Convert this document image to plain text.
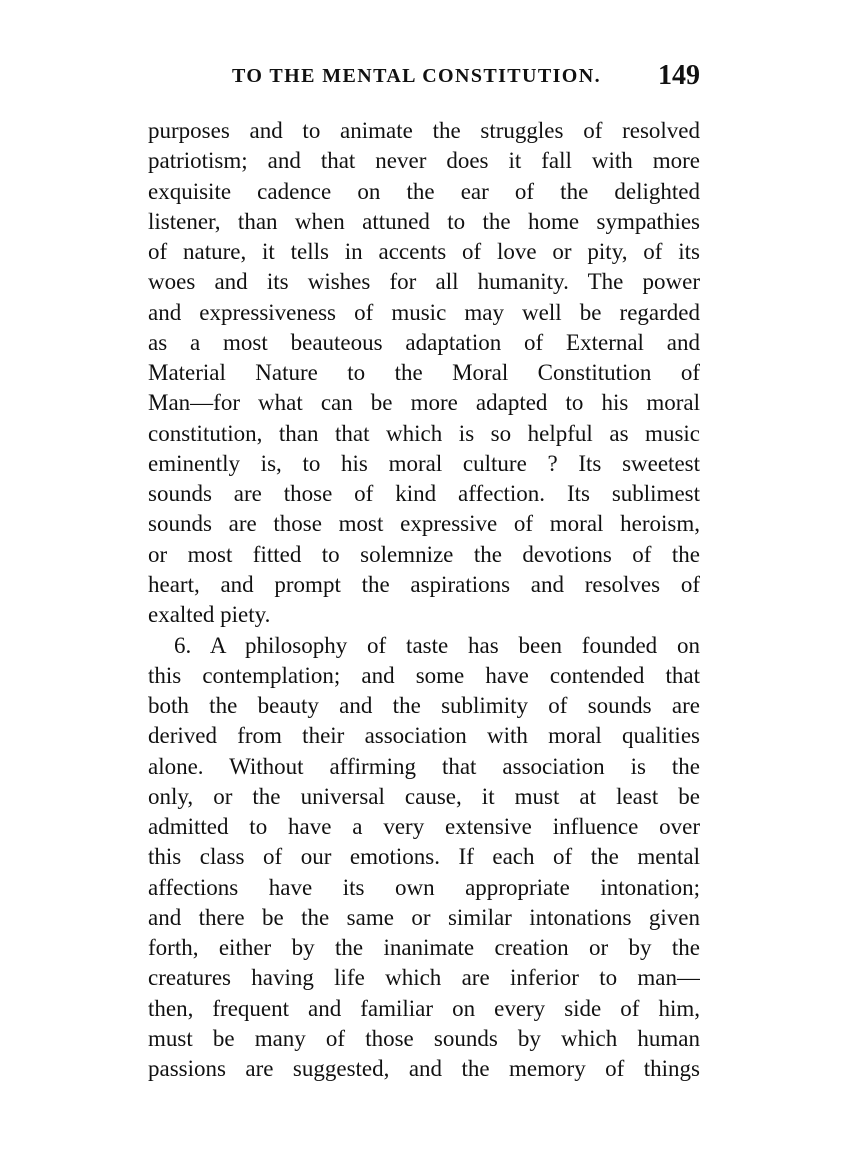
TO THE MENTAL CONSTITUTION. 149
purposes and to animate the struggles of resolved
patriotism; and that never does it fall with more
exquisite cadence on the ear of the delighted
listener, than when attuned to the home sympathies
of nature, it tells in accents of love or pity, of its
woes and its wishes for all humanity. The power
and expressiveness of music may well be regarded
as a most beauteous adaptation of External and
Material Nature to the Moral Constitution of
Man—for what can be more adapted to his moral
constitution, than that which is so helpful as music
eminently is, to his moral culture ? Its sweetest
sounds are those of kind affection. Its sublimest
sounds are those most expressive of moral heroism,
or most fitted to solemnize the devotions of the
heart, and prompt the aspirations and resolves of
exalted piety.
6. A philosophy of taste has been founded on
this contemplation; and some have contended that
both the beauty and the sublimity of sounds are
derived from their association with moral qualities
alone. Without affirming that association is the
only, or the universal cause, it must at least be
admitted to have a very extensive influence over
this class of our emotions. If each of the mental
affections have its own appropriate intonation;
and there be the same or similar intonations given
forth, either by the inanimate creation or by the
creatures having life which are inferior to man—
then, frequent and familiar on every side of him,
must be many of those sounds by which human
passions are suggested, and the memory of things
